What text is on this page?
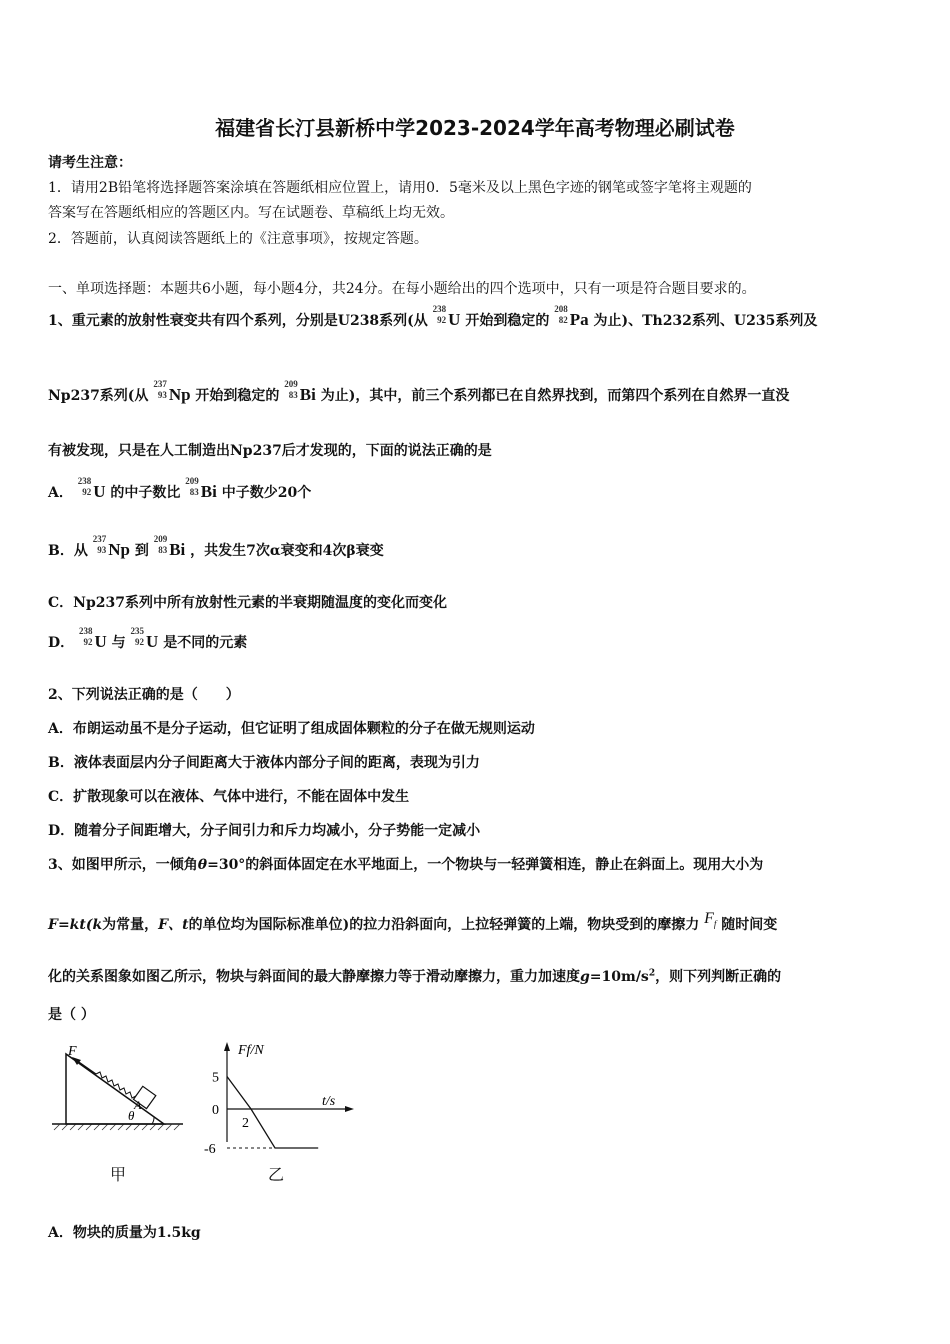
福建省长汀县新桥中学2023-2024学年高考物理必刷试卷
请考生注意：
1．请用2B铅笔将选择题答案涂填在答题纸相应位置上，请用0．5毫米及以上黑色字迹的钢笔或签字笔将主观题的
答案写在答题纸相应的答题区内。写在试题卷、草稿纸上均无效。
2．答题前，认真阅读答题纸上的《注意事项》，按规定答题。
一、单项选择题：本题共6小题，每小题4分，共24分。在每小题给出的四个选项中，只有一项是符合题目要求的。
1、重元素的放射性衰变共有四个系列，分别是U238系列(从 238
92 U 开始到稳定的 208
82 Pa 为止)、Th232系列、U235系列及
Np237系列(从 237
93 Np 开始到稳定的 209
83 Bi 为止)，其中，前三个系列都已在自然界找到，而第四个系列在自然界一直没
有被发现，只是在人工制造出Np237后才发现的，下面的说法正确的是
A． 238
92 U 的中子数比 209
83 Bi 中子数少20个
B．从 237
93 Np 到 209
83 Bi ，共发生7次α衰变和4次β衰变
C．Np237系列中所有放射性元素的半衰期随温度的变化而变化
D． 238
92 U 与 235
92 U 是不同的元素
2、下列说法正确的是（　　）
A．布朗运动虽不是分子运动，但它证明了组成固体颗粒的分子在做无规则运动
B．液体表面层内分子间距离大于液体内部分子间的距离，表现为引力
C．扩散现象可以在液体、气体中进行，不能在固体中发生
D．随着分子间距增大，分子间引力和斥力均减小，分子势能一定减小
3、如图甲所示，一倾角θ=30°的斜面体固定在水平地面上，一个物块与一轻弹簧相连，静止在斜面上。现用大小为
F=kt(k为常量，F、t的单位均为国际标准单位)的拉力沿斜面向，上拉轻弹簧的上端，物块受到的摩擦力 $F_f$ 随时间变
化的关系图象如图乙所示，物块与斜面间的最大静摩擦力等于滑动摩擦力，重力加速度$g=10m/s^2$，则下列判断正确的
是（ ）
F
A
θ
甲
Ff/N
t/s
5
0
-6
2
乙
A．物块的质量为1.5kg
